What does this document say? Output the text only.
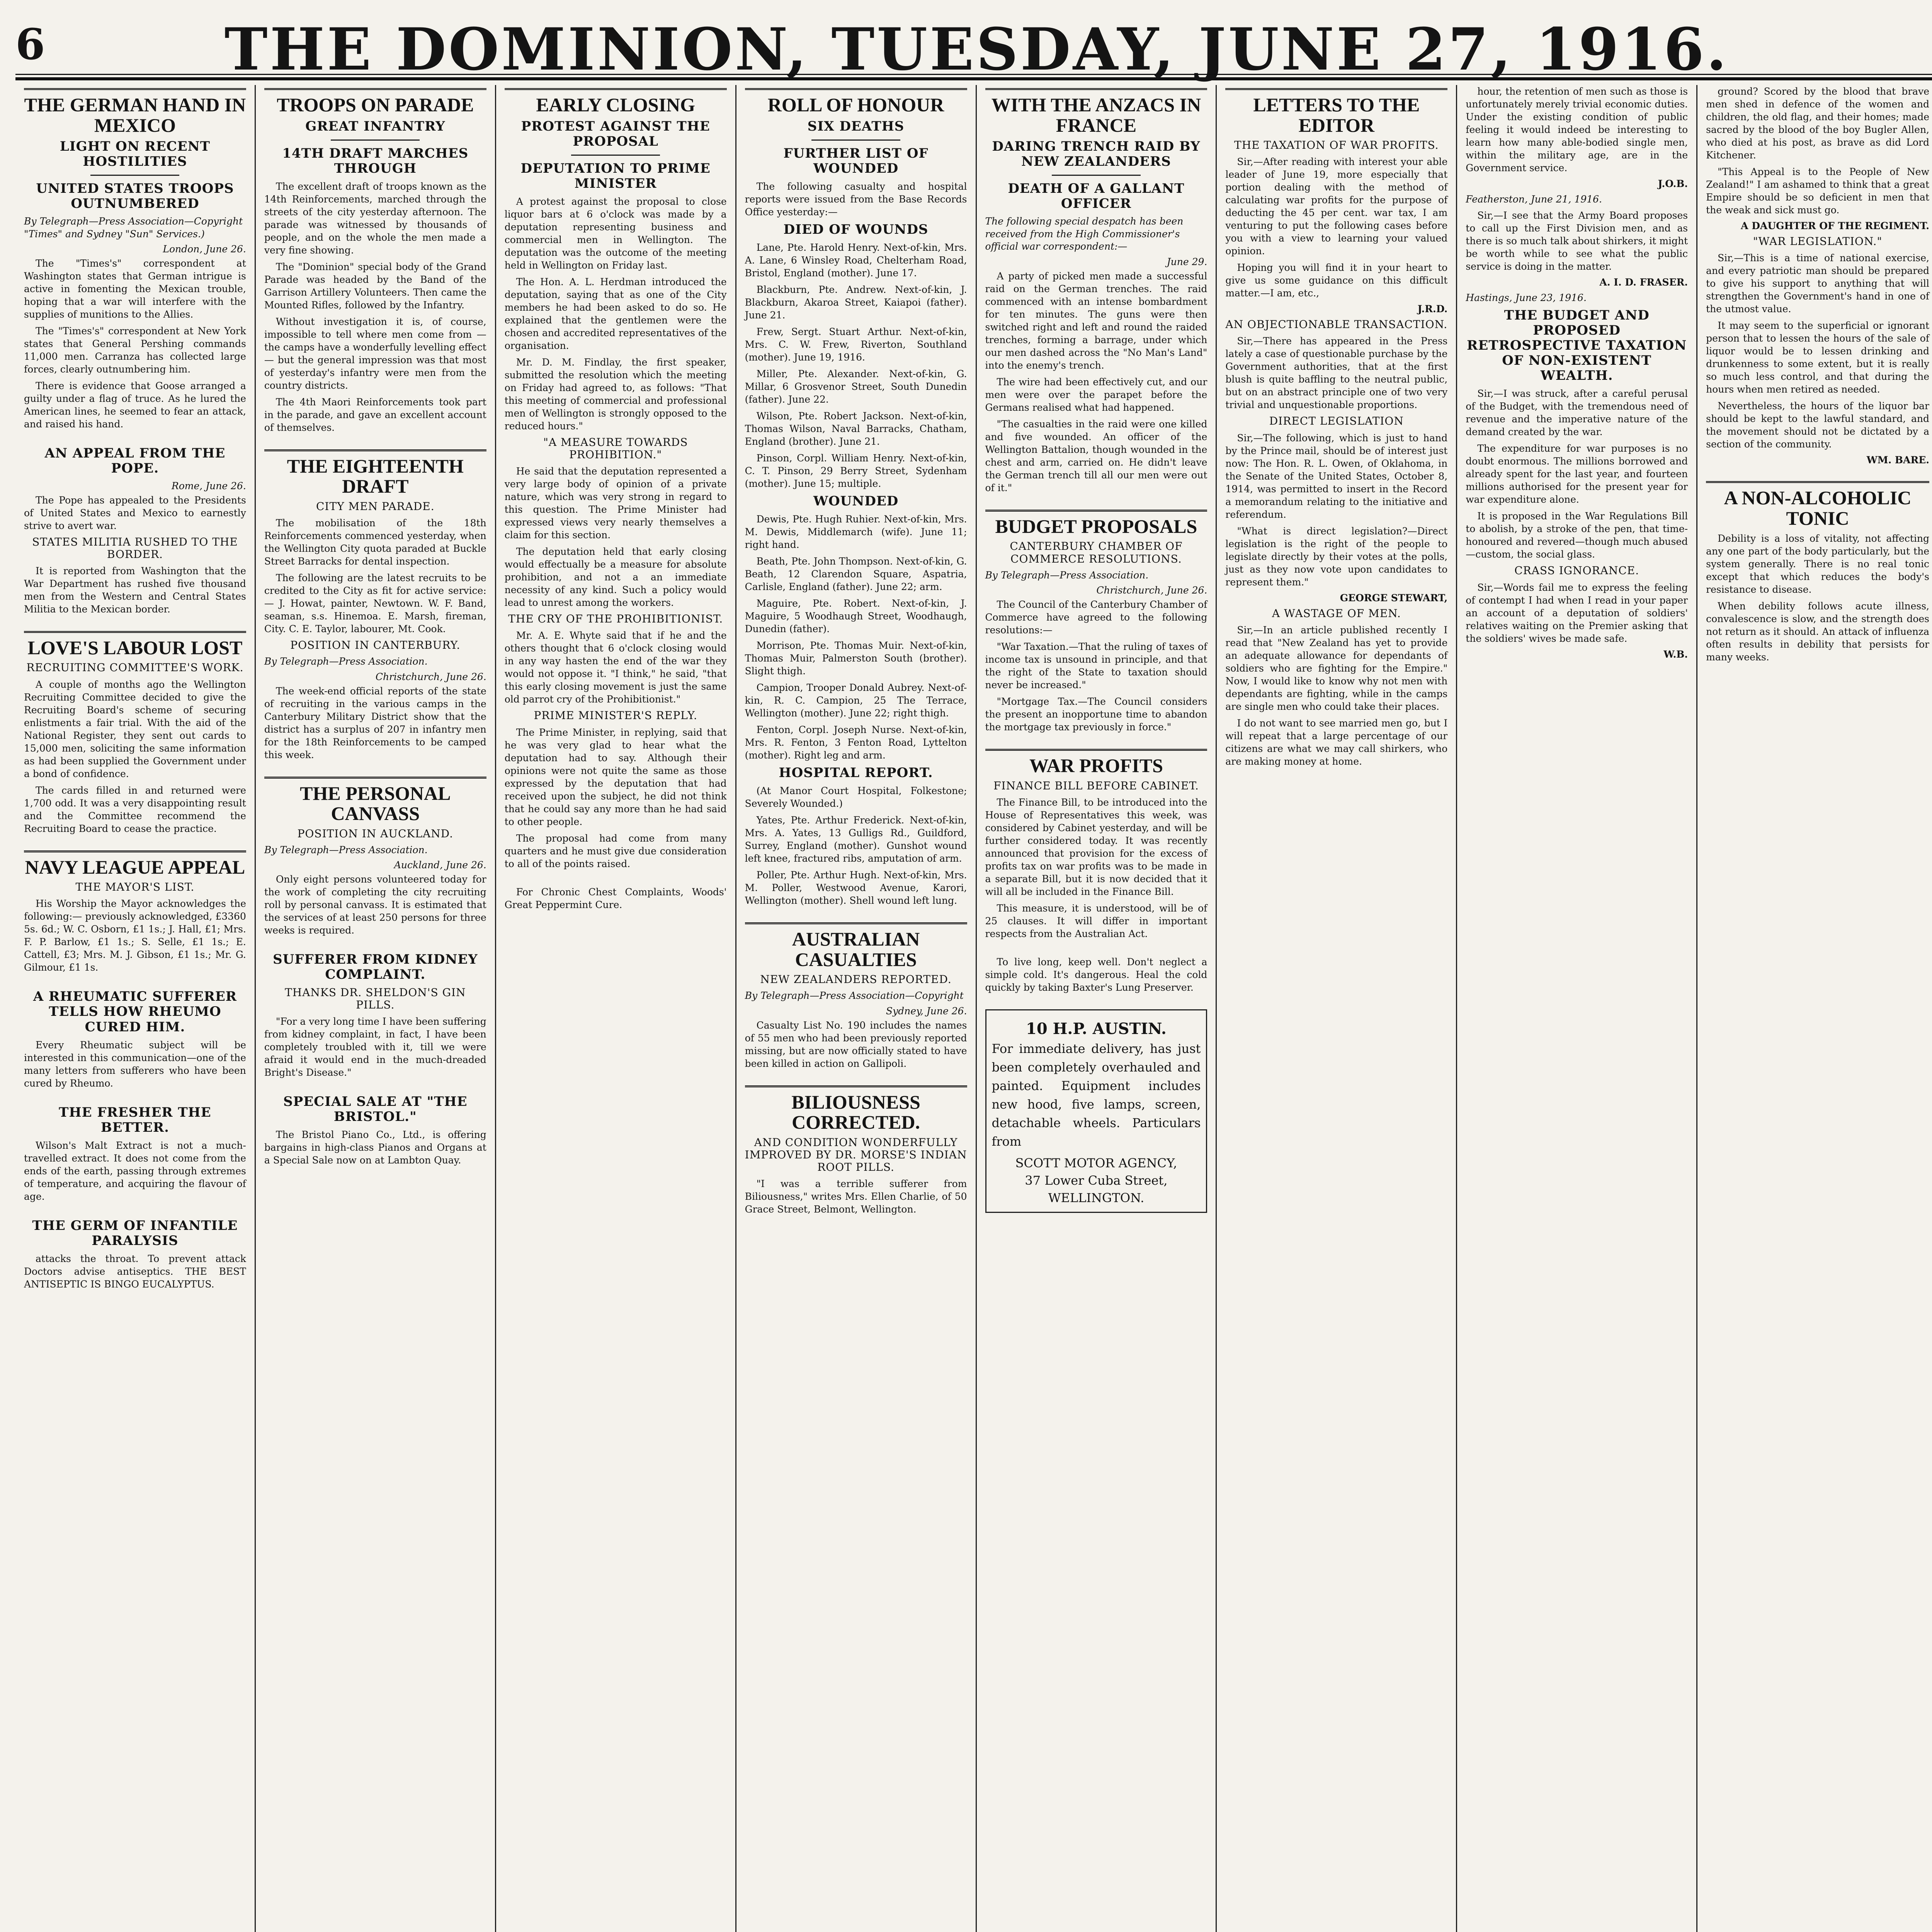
6	THE DOMINION, TUESDAY, JUNE 27, 1916.
THE GERMAN HAND IN MEXICO
LIGHT ON RECENT HOSTILITIES
UNITED STATES TROOPS OUTNUMBERED
By Telegraph—Press Association—Copyright "Times" and Sydney "Sun" Services.)
London, June 26.

The "Times's" correspondent at Washington states that German intrigue is active in fomenting the Mexican trouble, hoping that a war will interfere with the supplies of munitions to the Allies.

The "Times's" correspondent at New York states that General Pershing commands 11,000 men. Carranza has collected large forces, clearly outnumbering him.

There is evidence that Goose arranged a guilty under a flag of truce. As he lured the American lines, he seemed to fear an attack, and raised his hand.

AN APPEAL FROM THE POPE.
Rome, June 26.

The Pope has appealed to the Presidents of United States and Mexico to earnestly strive to avert war.

STATES MILITIA RUSHED TO THE BORDER.

It is reported from Washington that the War Department has rushed five thousand men from the Western and Central States Militia to the Mexican border.

LOVE'S LABOUR LOST
RECRUITING COMMITTEE'S WORK.

A couple of months ago the Wellington Recruiting Committee decided to give the Recruiting Board's scheme of securing enlistments a fair trial. With the aid of the National Register, they sent out cards to 15,000 men, soliciting the same information as had been supplied the Government under a bond of confidence.

The cards filled in and returned were 1,700 odd. It was a very disappointing result and the Committee recommend the Recruiting Board to cease the practice.

NAVY LEAGUE APPEAL
THE MAYOR'S LIST.

His Worship the Mayor acknowledges the following:— previously acknowledged, £3360 5s. 6d.; W. C. Osborn, £1 1s.; J. Hall, £1; Mrs. F. P. Barlow, £1 1s.; S. Selle, £1 1s.; E. Cattell, £3; Mrs. M. J. Gibson, £1 1s.; Mr. G. Gilmour, £1 1s.

A RHEUMATIC SUFFERER TELLS HOW RHEUMO CURED HIM.

Every Rheumatic subject will be interested in this communication—one of the many letters from sufferers who have been cured by Rheumo.

THE FRESHER THE BETTER.

Wilson's Malt Extract is not a much-travelled extract. It does not come from the ends of the earth, passing through extremes of temperature, and acquiring the flavour of age.

THE GERM OF INFANTILE PARALYSIS

attacks the throat. To prevent attack Doctors advise antiseptics. THE BEST ANTISEPTIC IS BINGO EUCALYPTUS.

TROOPS ON PARADE
GREAT INFANTRY
14TH DRAFT MARCHES THROUGH

The excellent draft of troops known as the 14th Reinforcements, marched through the streets of the city yesterday afternoon. The parade was witnessed by thousands of people, and on the whole the men made a very fine showing.

The "Dominion" special body of the Grand Parade was headed by the Band of the Garrison Artillery Volunteers. Then came the Mounted Rifles, followed by the Infantry.

Without investigation it is, of course, impossible to tell where men come from — the camps have a wonderfully levelling effect — but the general impression was that most of yesterday's infantry were men from the country districts.

The 4th Maori Reinforcements took part in the parade, and gave an excellent account of themselves.

THE EIGHTEENTH DRAFT
CITY MEN PARADE.

The mobilisation of the 18th Reinforcements commenced yesterday, when the Wellington City quota paraded at Buckle Street Barracks for dental inspection.

The following are the latest recruits to be credited to the City as fit for active service:— J. Howat, painter, Newtown. W. F. Band, seaman, s.s. Hinemoa. E. Marsh, fireman, City. C. E. Taylor, labourer, Mt. Cook.

POSITION IN CANTERBURY.
By Telegraph—Press Association.
Christchurch, June 26.

The week-end official reports of the state of recruiting in the various camps in the Canterbury Military District show that the district has a surplus of 207 in infantry men for the 18th Reinforcements to be camped this week.

THE PERSONAL CANVASS
POSITION IN AUCKLAND.
By Telegraph—Press Association.
Auckland, June 26.

Only eight persons volunteered today for the work of completing the city recruiting roll by personal canvass. It is estimated that the services of at least 250 persons for three weeks is required.

SUFFERER FROM KIDNEY COMPLAINT.
THANKS DR. SHELDON'S GIN PILLS.

"For a very long time I have been suffering from kidney complaint, in fact, I have been completely troubled with it, till we were afraid it would end in the much-dreaded Bright's Disease."

SPECIAL SALE AT "THE BRISTOL."

The Bristol Piano Co., Ltd., is offering bargains in high-class Pianos and Organs at a Special Sale now on at Lambton Quay.

EARLY CLOSING
PROTEST AGAINST THE PROPOSAL
DEPUTATION TO PRIME MINISTER

A protest against the proposal to close liquor bars at 6 o'clock was made by a deputation representing business and commercial men in Wellington. The deputation was the outcome of the meeting held in Wellington on Friday last.

The Hon. A. L. Herdman introduced the deputation, saying that as one of the City members he had been asked to do so. He explained that the gentlemen were the chosen and accredited representatives of the organisation.

Mr. D. M. Findlay, the first speaker, submitted the resolution which the meeting on Friday had agreed to, as follows: "That this meeting of commercial and professional men of Wellington is strongly opposed to the reduced hours."

"A MEASURE TOWARDS PROHIBITION."

He said that the deputation represented a very large body of opinion of a private nature, which was very strong in regard to this question. The Prime Minister had expressed views very nearly themselves a claim for this section.

The deputation held that early closing would effectually be a measure for absolute prohibition, and not a an immediate necessity of any kind. Such a policy would lead to unrest among the workers.

THE CRY OF THE PROHIBITIONIST.

Mr. A. E. Whyte said that if he and the others thought that 6 o'clock closing would in any way hasten the end of the war they would not oppose it. "I think," he said, "that this early closing movement is just the same old parrot cry of the Prohibitionist."

PRIME MINISTER'S REPLY.

The Prime Minister, in replying, said that he was very glad to hear what the deputation had to say. Although their opinions were not quite the same as those expressed by the deputation that had received upon the subject, he did not think that he could say any more than he had said to other people.

The proposal had come from many quarters and he must give due consideration to all of the points raised.

For Chronic Chest Complaints, Woods' Great Peppermint Cure.

ROLL OF HONOUR
SIX DEATHS
FURTHER LIST OF WOUNDED

The following casualty and hospital reports were issued from the Base Records Office yesterday:—

DIED OF WOUNDS

Lane, Pte. Harold Henry. Next-of-kin, Mrs. A. Lane, 6 Winsley Road, Chelterham Road, Bristol, England (mother). June 17.

Blackburn, Pte. Andrew. Next-of-kin, J. Blackburn, Akaroa Street, Kaiapoi (father). June 21.

Frew, Sergt. Stuart Arthur. Next-of-kin, Mrs. C. W. Frew, Riverton, Southland (mother). June 19, 1916.

Miller, Pte. Alexander. Next-of-kin, G. Millar, 6 Grosvenor Street, South Dunedin (father). June 22.

Wilson, Pte. Robert Jackson. Next-of-kin, Thomas Wilson, Naval Barracks, Chatham, England (brother). June 21.

Pinson, Corpl. William Henry. Next-of-kin, C. T. Pinson, 29 Berry Street, Sydenham (mother). June 15; multiple.

WOUNDED

Dewis, Pte. Hugh Ruhier. Next-of-kin, Mrs. M. Dewis, Middlemarch (wife). June 11; right hand.

Beath, Pte. John Thompson. Next-of-kin, G. Beath, 12 Clarendon Square, Aspatria, Carlisle, England (father). June 22; arm.

Maguire, Pte. Robert. Next-of-kin, J. Maguire, 5 Woodhaugh Street, Woodhaugh, Dunedin (father).

Morrison, Pte. Thomas Muir. Next-of-kin, Thomas Muir, Palmerston South (brother). Slight thigh.

Campion, Trooper Donald Aubrey. Next-of-kin, R. C. Campion, 25 The Terrace, Wellington (mother). June 22; right thigh.

Fenton, Corpl. Joseph Nurse. Next-of-kin, Mrs. R. Fenton, 3 Fenton Road, Lyttelton (mother). Right leg and arm.

HOSPITAL REPORT.

(At Manor Court Hospital, Folkestone; Severely Wounded.)

Yates, Pte. Arthur Frederick. Next-of-kin, Mrs. A. Yates, 13 Gulligs Rd., Guildford, Surrey, England (mother). Gunshot wound left knee, fractured ribs, amputation of arm.

Poller, Pte. Arthur Hugh. Next-of-kin, Mrs. M. Poller, Westwood Avenue, Karori, Wellington (mother). Shell wound left lung.

AUSTRALIAN CASUALTIES
NEW ZEALANDERS REPORTED.
By Telegraph—Press Association—Copyright
Sydney, June 26.

Casualty List No. 190 includes the names of 55 men who had been previously reported missing, but are now officially stated to have been killed in action on Gallipoli.

BILIOUSNESS CORRECTED.
AND CONDITION WONDERFULLY IMPROVED BY DR. MORSE'S INDIAN ROOT PILLS.

"I was a terrible sufferer from Biliousness," writes Mrs. Ellen Charlie, of 50 Grace Street, Belmont, Wellington.

WITH THE ANZACS IN FRANCE
DARING TRENCH RAID BY NEW ZEALANDERS
DEATH OF A GALLANT OFFICER
The following special despatch has been received from the High Commissioner's official war correspondent:—
June 29.

A party of picked men made a successful raid on the German trenches. The raid commenced with an intense bombardment for ten minutes. The guns were then switched right and left and round the raided trenches, forming a barrage, under which our men dashed across the "No Man's Land" into the enemy's trench.

The wire had been effectively cut, and our men were over the parapet before the Germans realised what had happened.

"The casualties in the raid were one killed and five wounded. An officer of the Wellington Battalion, though wounded in the chest and arm, carried on. He didn't leave the German trench till all our men were out of it."

BUDGET PROPOSALS
CANTERBURY CHAMBER OF COMMERCE RESOLUTIONS.
By Telegraph—Press Association.
Christchurch, June 26.

The Council of the Canterbury Chamber of Commerce have agreed to the following resolutions:—

"War Taxation.—That the ruling of taxes of income tax is unsound in principle, and that the right of the State to taxation should never be increased."

"Mortgage Tax.—The Council considers the present an inopportune time to abandon the mortgage tax previously in force."

WAR PROFITS
FINANCE BILL BEFORE CABINET.

The Finance Bill, to be introduced into the House of Representatives this week, was considered by Cabinet yesterday, and will be further considered today. It was recently announced that provision for the excess of profits tax on war profits was to be made in a separate Bill, but it is now decided that it will all be included in the Finance Bill.

This measure, it is understood, will be of 25 clauses. It will differ in important respects from the Australian Act.

To live long, keep well. Don't neglect a simple cold. It's dangerous. Heal the cold quickly by taking Baxter's Lung Preserver.

10 H.P. AUSTIN.

For immediate delivery, has just been completely overhauled and painted. Equipment includes new hood, five lamps, screen, detachable wheels. Particulars from

SCOTT MOTOR AGENCY,
37 Lower Cuba Street,
WELLINGTON.
LETTERS TO THE EDITOR
THE TAXATION OF WAR PROFITS.

Sir,—After reading with interest your able leader of June 19, more especially that portion dealing with the method of calculating war profits for the purpose of deducting the 45 per cent. war tax, I am venturing to put the following cases before you with a view to learning your valued opinion.

Hoping you will find it in your heart to give us some guidance on this difficult matter.—I am, etc.,

J.R.D.
AN OBJECTIONABLE TRANSACTION.

Sir,—There has appeared in the Press lately a case of questionable purchase by the Government authorities, that at the first blush is quite baffling to the neutral public, but on an abstract principle one of two very trivial and unquestionable proportions.

DIRECT LEGISLATION

Sir,—The following, which is just to hand by the Prince mail, should be of interest just now: The Hon. R. L. Owen, of Oklahoma, in the Senate of the United States, October 8, 1914, was permitted to insert in the Record a memorandum relating to the initiative and referendum.

"What is direct legislation?—Direct legislation is the right of the people to legislate directly by their votes at the polls, just as they now vote upon candidates to represent them."

GEORGE STEWART,
A WASTAGE OF MEN.

Sir,—In an article published recently I read that "New Zealand has yet to provide an adequate allowance for dependants of soldiers who are fighting for the Empire." Now, I would like to know why not men with dependants are fighting, while in the camps are single men who could take their places.

I do not want to see married men go, but I will repeat that a large percentage of our citizens are what we may call shirkers, who are making money at home.

hour, the retention of men such as those is unfortunately merely trivial economic duties. Under the existing condition of public feeling it would indeed be interesting to learn how many able-bodied single men, within the military age, are in the Government service.

J.O.B.
Featherston, June 21, 1916.

Sir,—I see that the Army Board proposes to call up the First Division men, and as there is so much talk about shirkers, it might be worth while to see what the public service is doing in the matter.

A. I. D. FRASER.
Hastings, June 23, 1916.
THE BUDGET AND PROPOSED RETROSPECTIVE TAXATION OF NON-EXISTENT WEALTH.

Sir,—I was struck, after a careful perusal of the Budget, with the tremendous need of revenue and the imperative nature of the demand created by the war.

The expenditure for war purposes is no doubt enormous. The millions borrowed and already spent for the last year, and fourteen millions authorised for the present year for war expenditure alone.

It is proposed in the War Regulations Bill to abolish, by a stroke of the pen, that time-honoured and revered—though much abused—custom, the social glass.

CRASS IGNORANCE.

Sir,—Words fail me to express the feeling of contempt I had when I read in your paper an account of a deputation of soldiers' relatives waiting on the Premier asking that the soldiers' wives be made safe.

W.B.

ground? Scored by the blood that brave men shed in defence of the women and children, the old flag, and their homes; made sacred by the blood of the boy Bugler Allen, who died at his post, as brave as did Lord Kitchener.

"This Appeal is to the People of New Zealand!" I am ashamed to think that a great Empire should be so deficient in men that the weak and sick must go.

A DAUGHTER OF THE REGIMENT.
"WAR LEGISLATION."

Sir,—This is a time of national exercise, and every patriotic man should be prepared to give his support to anything that will strengthen the Government's hand in one of the utmost value.

It may seem to the superficial or ignorant person that to lessen the hours of the sale of liquor would be to lessen drinking and drunkenness to some extent, but it is really so much less control, and that during the hours when men retired as needed.

Nevertheless, the hours of the liquor bar should be kept to the lawful standard, and the movement should not be dictated by a section of the community.

WM. BARE.
A NON-ALCOHOLIC TONIC

Debility is a loss of vitality, not affecting any one part of the body particularly, but the system generally. There is no real tonic except that which reduces the body's resistance to disease.

When debility follows acute illness, convalescence is slow, and the strength does not return as it should. An attack of influenza often results in debility that persists for many weeks.
